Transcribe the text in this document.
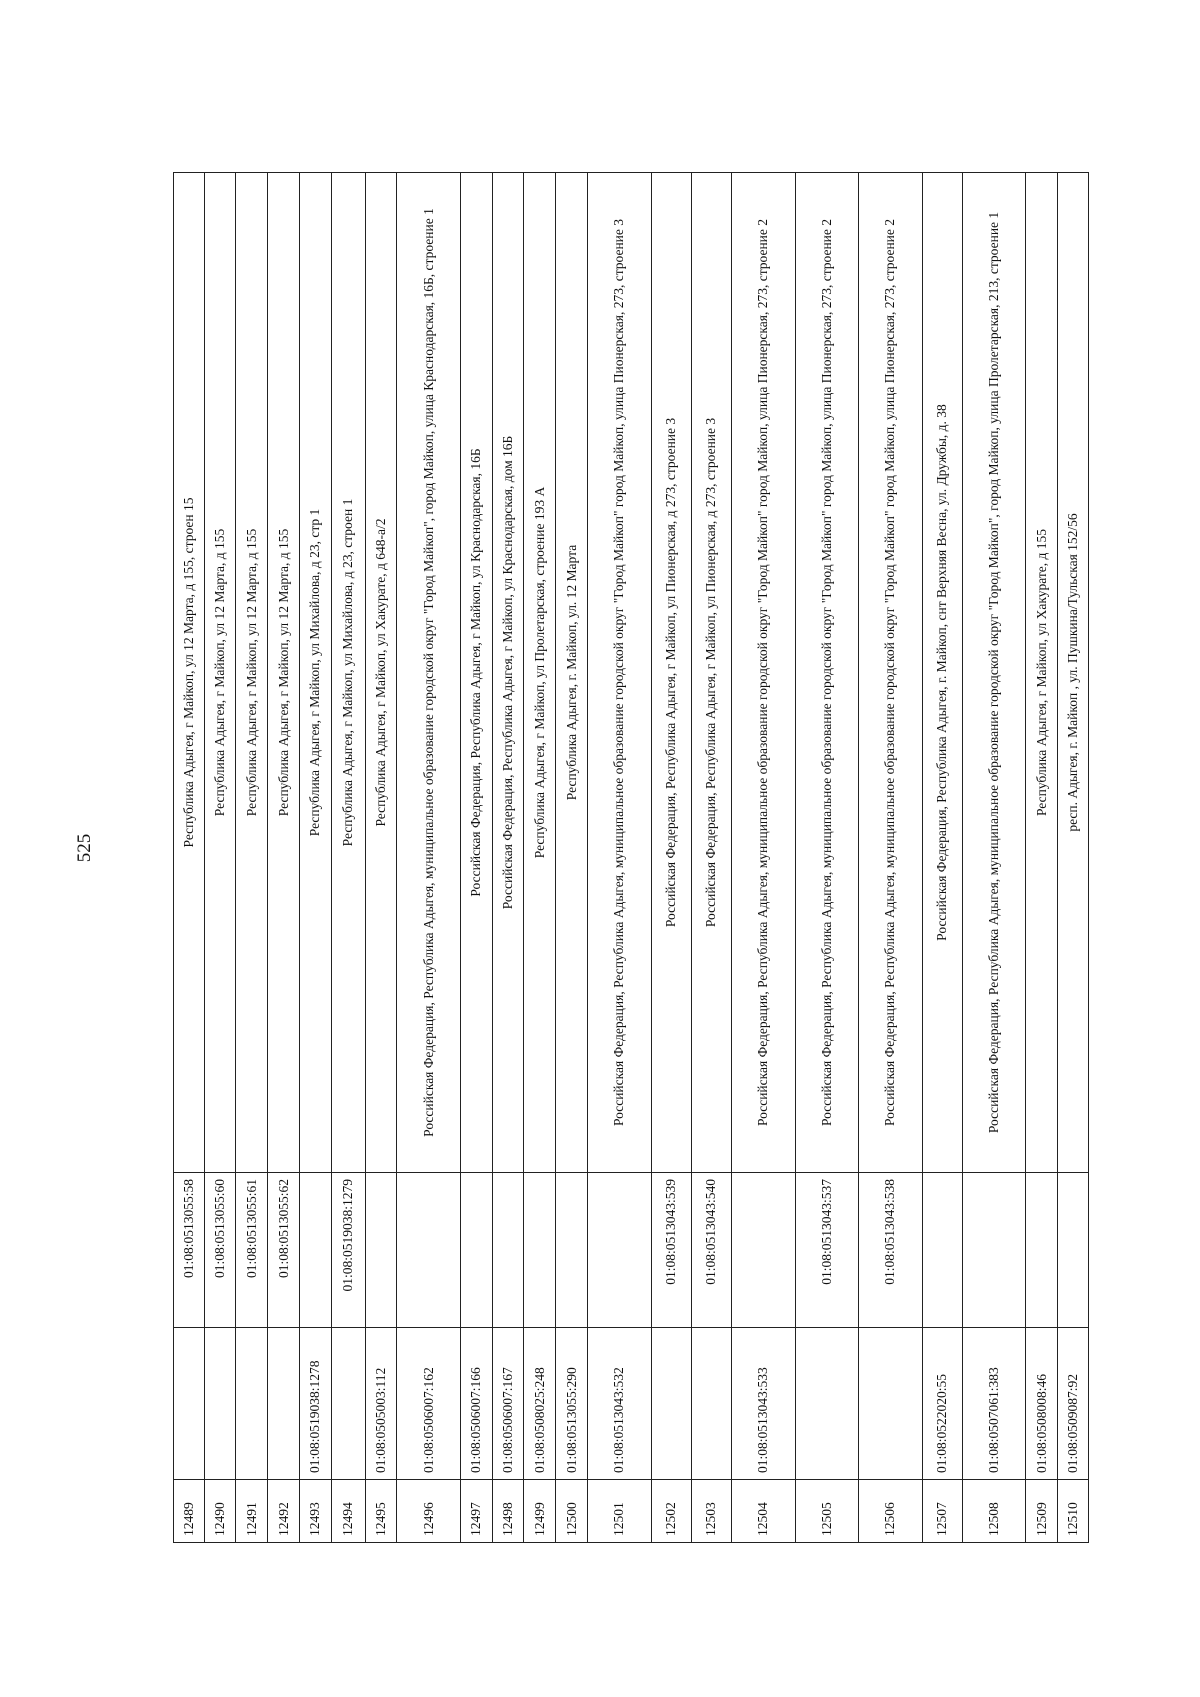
525
12489		01:08:0513055:58	Республика Адыгея, г Майкоп, ул 12 Марта, д 155, строен 15
12490		01:08:0513055:60	Республика Адыгея, г Майкоп, ул 12 Марта, д 155
12491		01:08:0513055:61	Республика Адыгея, г Майкоп, ул 12 Марта, д 155
12492		01:08:0513055:62	Республика Адыгея, г Майкоп, ул 12 Марта, д 155
12493	01:08:0519038:1278		Республика Адыгея, г Майкоп, ул Михайлова, д 23, стр 1
12494		01:08:0519038:1279	Республика Адыгея, г Майкоп, ул Михайлова, д 23, строен 1
12495	01:08:0505003:112		Республика Адыгея, г Майкоп, ул Хакурате, д 648-а/2
12496	01:08:0506007:162		Российская Федерация, Республика Адыгея, муниципальное образование городской округ "Город Майкоп", город Майкоп, улица Краснодарская, 16Б, строение 1
12497	01:08:0506007:166		Российская Федерация, Республика Адыгея, г Майкоп, ул Краснодарская, 16Б
12498	01:08:0506007:167		Российская Федерация, Республика Адыгея, г Майкоп, ул Краснодарская, дом 16Б
12499	01:08:0508025:248		Республика Адыгея, г Майкоп, ул Пролетарская, строение 193 А
12500	01:08:0513055:290		Республика Адыгея, г. Майкоп, ул. 12 Марта
12501	01:08:0513043:532		Российская Федерация, Республика Адыгея, муниципальное образование городской округ "Город Майкоп" город Майкоп, улица Пионерская, 273, строение 3
12502		01:08:0513043:539	Российская Федерация, Республика Адыгея, г Майкоп, ул Пионерская, д 273, строение 3
12503		01:08:0513043:540	Российская Федерация, Республика Адыгея, г Майкоп, ул Пионерская, д 273, строение 3
12504	01:08:0513043:533		Российская Федерация, Республика Адыгея, муниципальное образование городской округ "Город Майкоп" город Майкоп, улица Пионерская, 273, строение 2
12505		01:08:0513043:537	Российская Федерация, Республика Адыгея, муниципальное образование городской округ "Город Майкоп" город Майкоп, улица Пионерская, 273, строение 2
12506		01:08:0513043:538	Российская Федерация, Республика Адыгея, муниципальное образование городской округ "Город Майкоп" город Майкоп, улица Пионерская, 273, строение 2
12507	01:08:0522020:55		Российская Федерация, Республика Адыгея, г. Майкоп, снт Верхняя Весна, ул. Дружбы, д. 38
12508	01:08:0507061:383		Российская Федерация, Республика Адыгея, муниципальное образование городской округ "Город Майкоп", город Майкоп, улица Пролетарская, 213, строение 1
12509	01:08:0508008:46		Республика Адыгея, г Майкоп, ул Хакурате, д 155
12510	01:08:0509087:92		респ. Адыгея, г. Майкоп , ул. Пушкина/Тульская 152/56
